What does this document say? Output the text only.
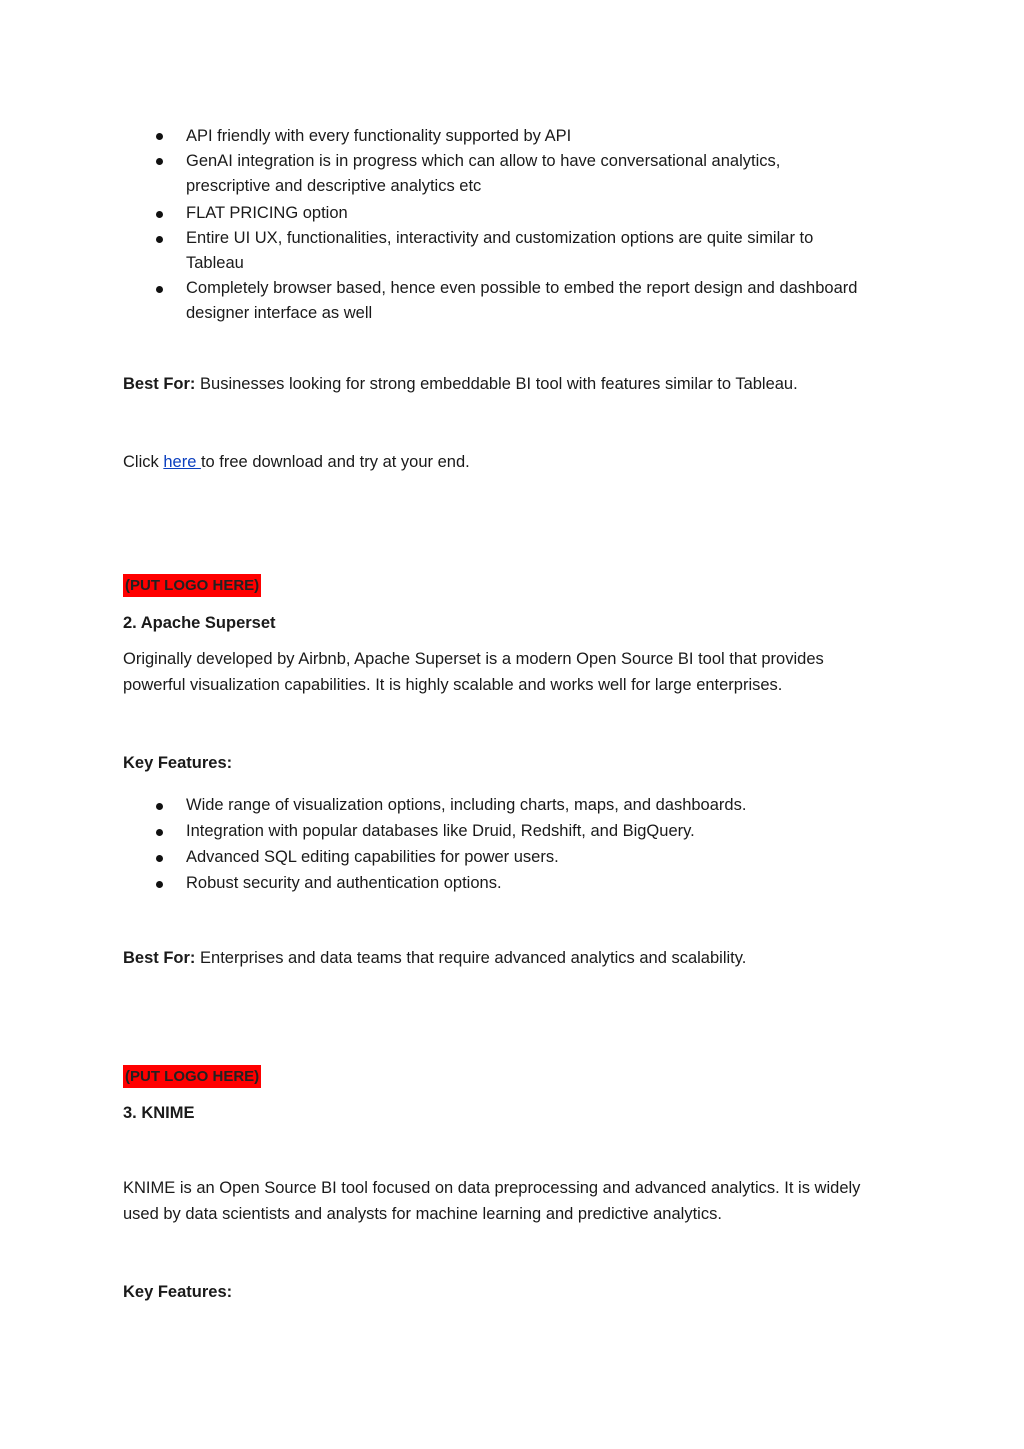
API friendly with every functionality supported by API
GenAI integration is in progress which can allow to have conversational analytics,
prescriptive and descriptive analytics etc
FLAT PRICING option
Entire UI UX, functionalities, interactivity and customization options are quite similar to
Tableau
Completely browser based, hence even possible to embed the report design and dashboard
designer interface as well
Best For: Businesses looking for strong embeddable BI tool with features similar to Tableau.
Click here to free download and try at your end.
(PUT LOGO HERE)
2. Apache Superset
Originally developed by Airbnb, Apache Superset is a modern Open Source BI tool that provides
powerful visualization capabilities. It is highly scalable and works well for large enterprises.
Key Features:
Wide range of visualization options, including charts, maps, and dashboards.
Integration with popular databases like Druid, Redshift, and BigQuery.
Advanced SQL editing capabilities for power users.
Robust security and authentication options.
Best For: Enterprises and data teams that require advanced analytics and scalability.
(PUT LOGO HERE)
3. KNIME
KNIME is an Open Source BI tool focused on data preprocessing and advanced analytics. It is widely
used by data scientists and analysts for machine learning and predictive analytics.
Key Features:
